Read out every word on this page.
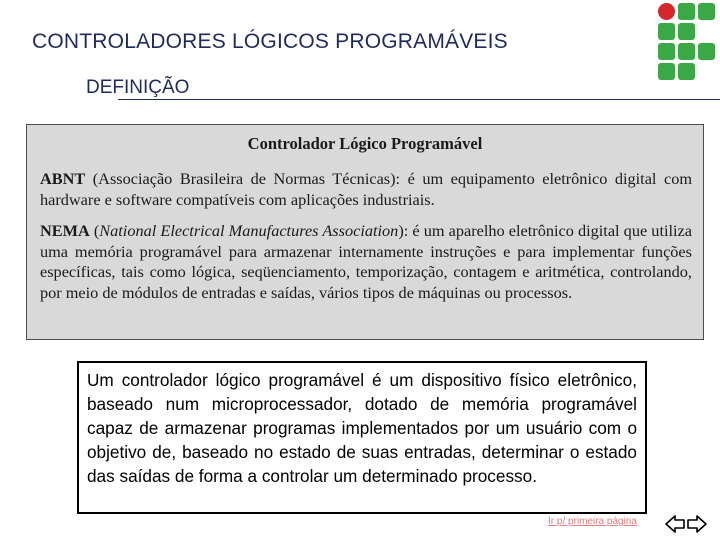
CONTROLADORES LÓGICOS PROGRAMÁVEIS
DEFINIÇÃO
Controlador Lógico Programável
ABNT (Associação Brasileira de Normas Técnicas): é um equipamento eletrônico digital com hardware e software compatíveis com aplicações industriais.
NEMA (National Electrical Manufactures Association): é um aparelho eletrônico digital que utiliza uma memória programável para armazenar internamente instruções e para implementar funções específicas, tais como lógica, seqüenciamento, temporização, contagem e aritmética, controlando, por meio de módulos de entradas e saídas, vários tipos de máquinas ou processos.
Um controlador lógico programável é um dispositivo físico eletrônico, baseado num microprocessador, dotado de memória programável capaz de armazenar programas implementados por um usuário com o objetivo de, baseado no estado de suas entradas, determinar o estado das saídas de forma a controlar um determinado processo.
Ir p/ primeira página
